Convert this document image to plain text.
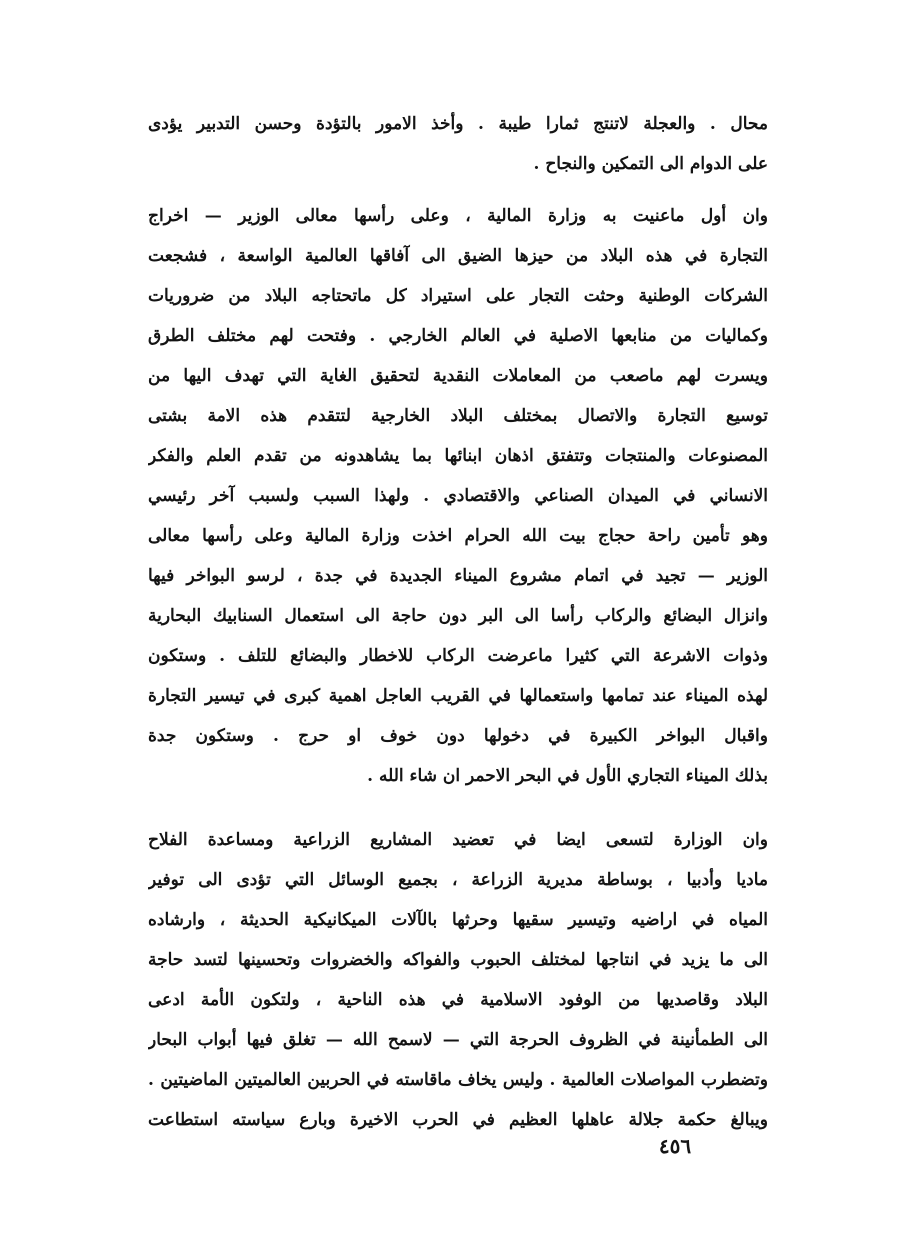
محال . والعجلة لاتنتج ثمارا طيبة . وأخذ الامور بالتؤدة وحسن التدبير يؤدى
على الدوام الى التمكين والنجاح .
وان أول ماعنيت به وزارة المالية ، وعلى رأسها معالى الوزير — اخراج
التجارة في هذه البلاد من حيزها الضيق الى آفاقها العالمية الواسعة ، فشجعت
الشركات الوطنية وحثت التجار على استيراد كل ماتحتاجه البلاد من ضروريات
وكماليات من منابعها الاصلية في العالم الخارجي . وفتحت لهم مختلف الطرق
ويسرت لهم ماصعب من المعاملات النقدية لتحقيق الغاية التي تهدف اليها من
توسيع التجارة والاتصال بمختلف البلاد الخارجية لتتقدم هذه الامة بشتى
المصنوعات والمنتجات وتتفتق اذهان ابنائها بما يشاهدونه من تقدم العلم والفكر
الانساني في الميدان الصناعي والاقتصادي . ولهذا السبب ولسبب آخر رئيسي
وهو تأمين راحة حجاج بيت الله الحرام اخذت وزارة المالية وعلى رأسها معالى
الوزير — تجيد في اتمام مشروع الميناء الجديدة في جدة ، لرسو البواخر فيها
وانزال البضائع والركاب رأسا الى البر دون حاجة الى استعمال السنابيك البحارية
وذوات الاشرعة التي كثيرا ماعرضت الركاب للاخطار والبضائع للتلف . وستكون
لهذه الميناء عند تمامها واستعمالها في القريب العاجل اهمية كبرى في تيسير التجارة
واقبال البواخر الكبيرة في دخولها دون خوف او حرج . وستكون جدة
بذلك الميناء التجاري الأول في البحر الاحمر ان شاء الله .
وان الوزارة لتسعى ايضا في تعضيد المشاريع الزراعية ومساعدة الفلاح
ماديا وأدبيا ، بوساطة مديرية الزراعة ، بجميع الوسائل التي تؤدى الى توفير
المياه في اراضيه وتيسير سقيها وحرثها بالآلات الميكانيكية الحديثة ، وارشاده
الى ما يزيد في انتاجها لمختلف الحبوب والفواكه والخضروات وتحسينها لتسد حاجة
البلاد وقاصديها من الوفود الاسلامية في هذه الناحية ، ولتكون الأمة ادعى
الى الطمأنينة في الظروف الحرجة التي — لاسمح الله — تغلق فيها أبواب البحار
وتضطرب المواصلات العالمية . وليس يخاف ماقاسته في الحربين العالميتين الماضيتين .
ويبالغ حكمة جلالة عاهلها العظيم في الحرب الاخيرة وبارع سياسته استطاعت
٤٥٦
